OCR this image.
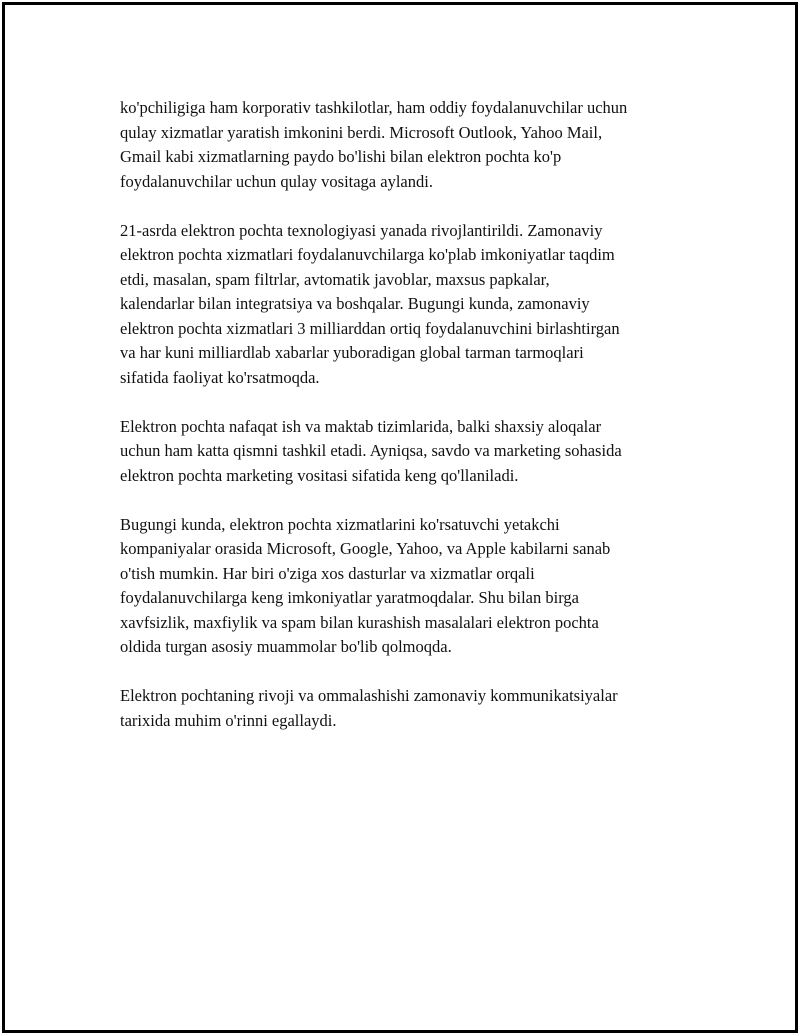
ko'pchiligiga ham korporativ tashkilotlar, ham oddiy foydalanuvchilar uchun
qulay xizmatlar yaratish imkonini berdi. Microsoft Outlook, Yahoo Mail,
Gmail kabi xizmatlarning paydo bo'lishi bilan elektron pochta ko'p
foydalanuvchilar uchun qulay vositaga aylandi.

21-asrda elektron pochta texnologiyasi yanada rivojlantirildi. Zamonaviy
elektron pochta xizmatlari foydalanuvchilarga ko'plab imkoniyatlar taqdim
etdi, masalan, spam filtrlar, avtomatik javoblar, maxsus papkalar,
kalendarlar bilan integratsiya va boshqalar. Bugungi kunda, zamonaviy
elektron pochta xizmatlari 3 milliarddan ortiq foydalanuvchini birlashtirgan
va har kuni milliardlab xabarlar yuboradigan global tarman tarmoqlari
sifatida faoliyat ko'rsatmoqda.

Elektron pochta nafaqat ish va maktab tizimlarida, balki shaxsiy aloqalar
uchun ham katta qismni tashkil etadi. Ayniqsa, savdo va marketing sohasida
elektron pochta marketing vositasi sifatida keng qo'llaniladi.

Bugungi kunda, elektron pochta xizmatlarini ko'rsatuvchi yetakchi
kompaniyalar orasida Microsoft, Google, Yahoo, va Apple kabilarni sanab
o'tish mumkin. Har biri o'ziga xos dasturlar va xizmatlar orqali
foydalanuvchilarga keng imkoniyatlar yaratmoqdalar. Shu bilan birga
xavfsizlik, maxfiylik va spam bilan kurashish masalalari elektron pochta
oldida turgan asosiy muammolar bo'lib qolmoqda.

Elektron pochtaning rivoji va ommalashishi zamonaviy kommunikatsiyalar
tarixida muhim o'rinni egallaydi.
